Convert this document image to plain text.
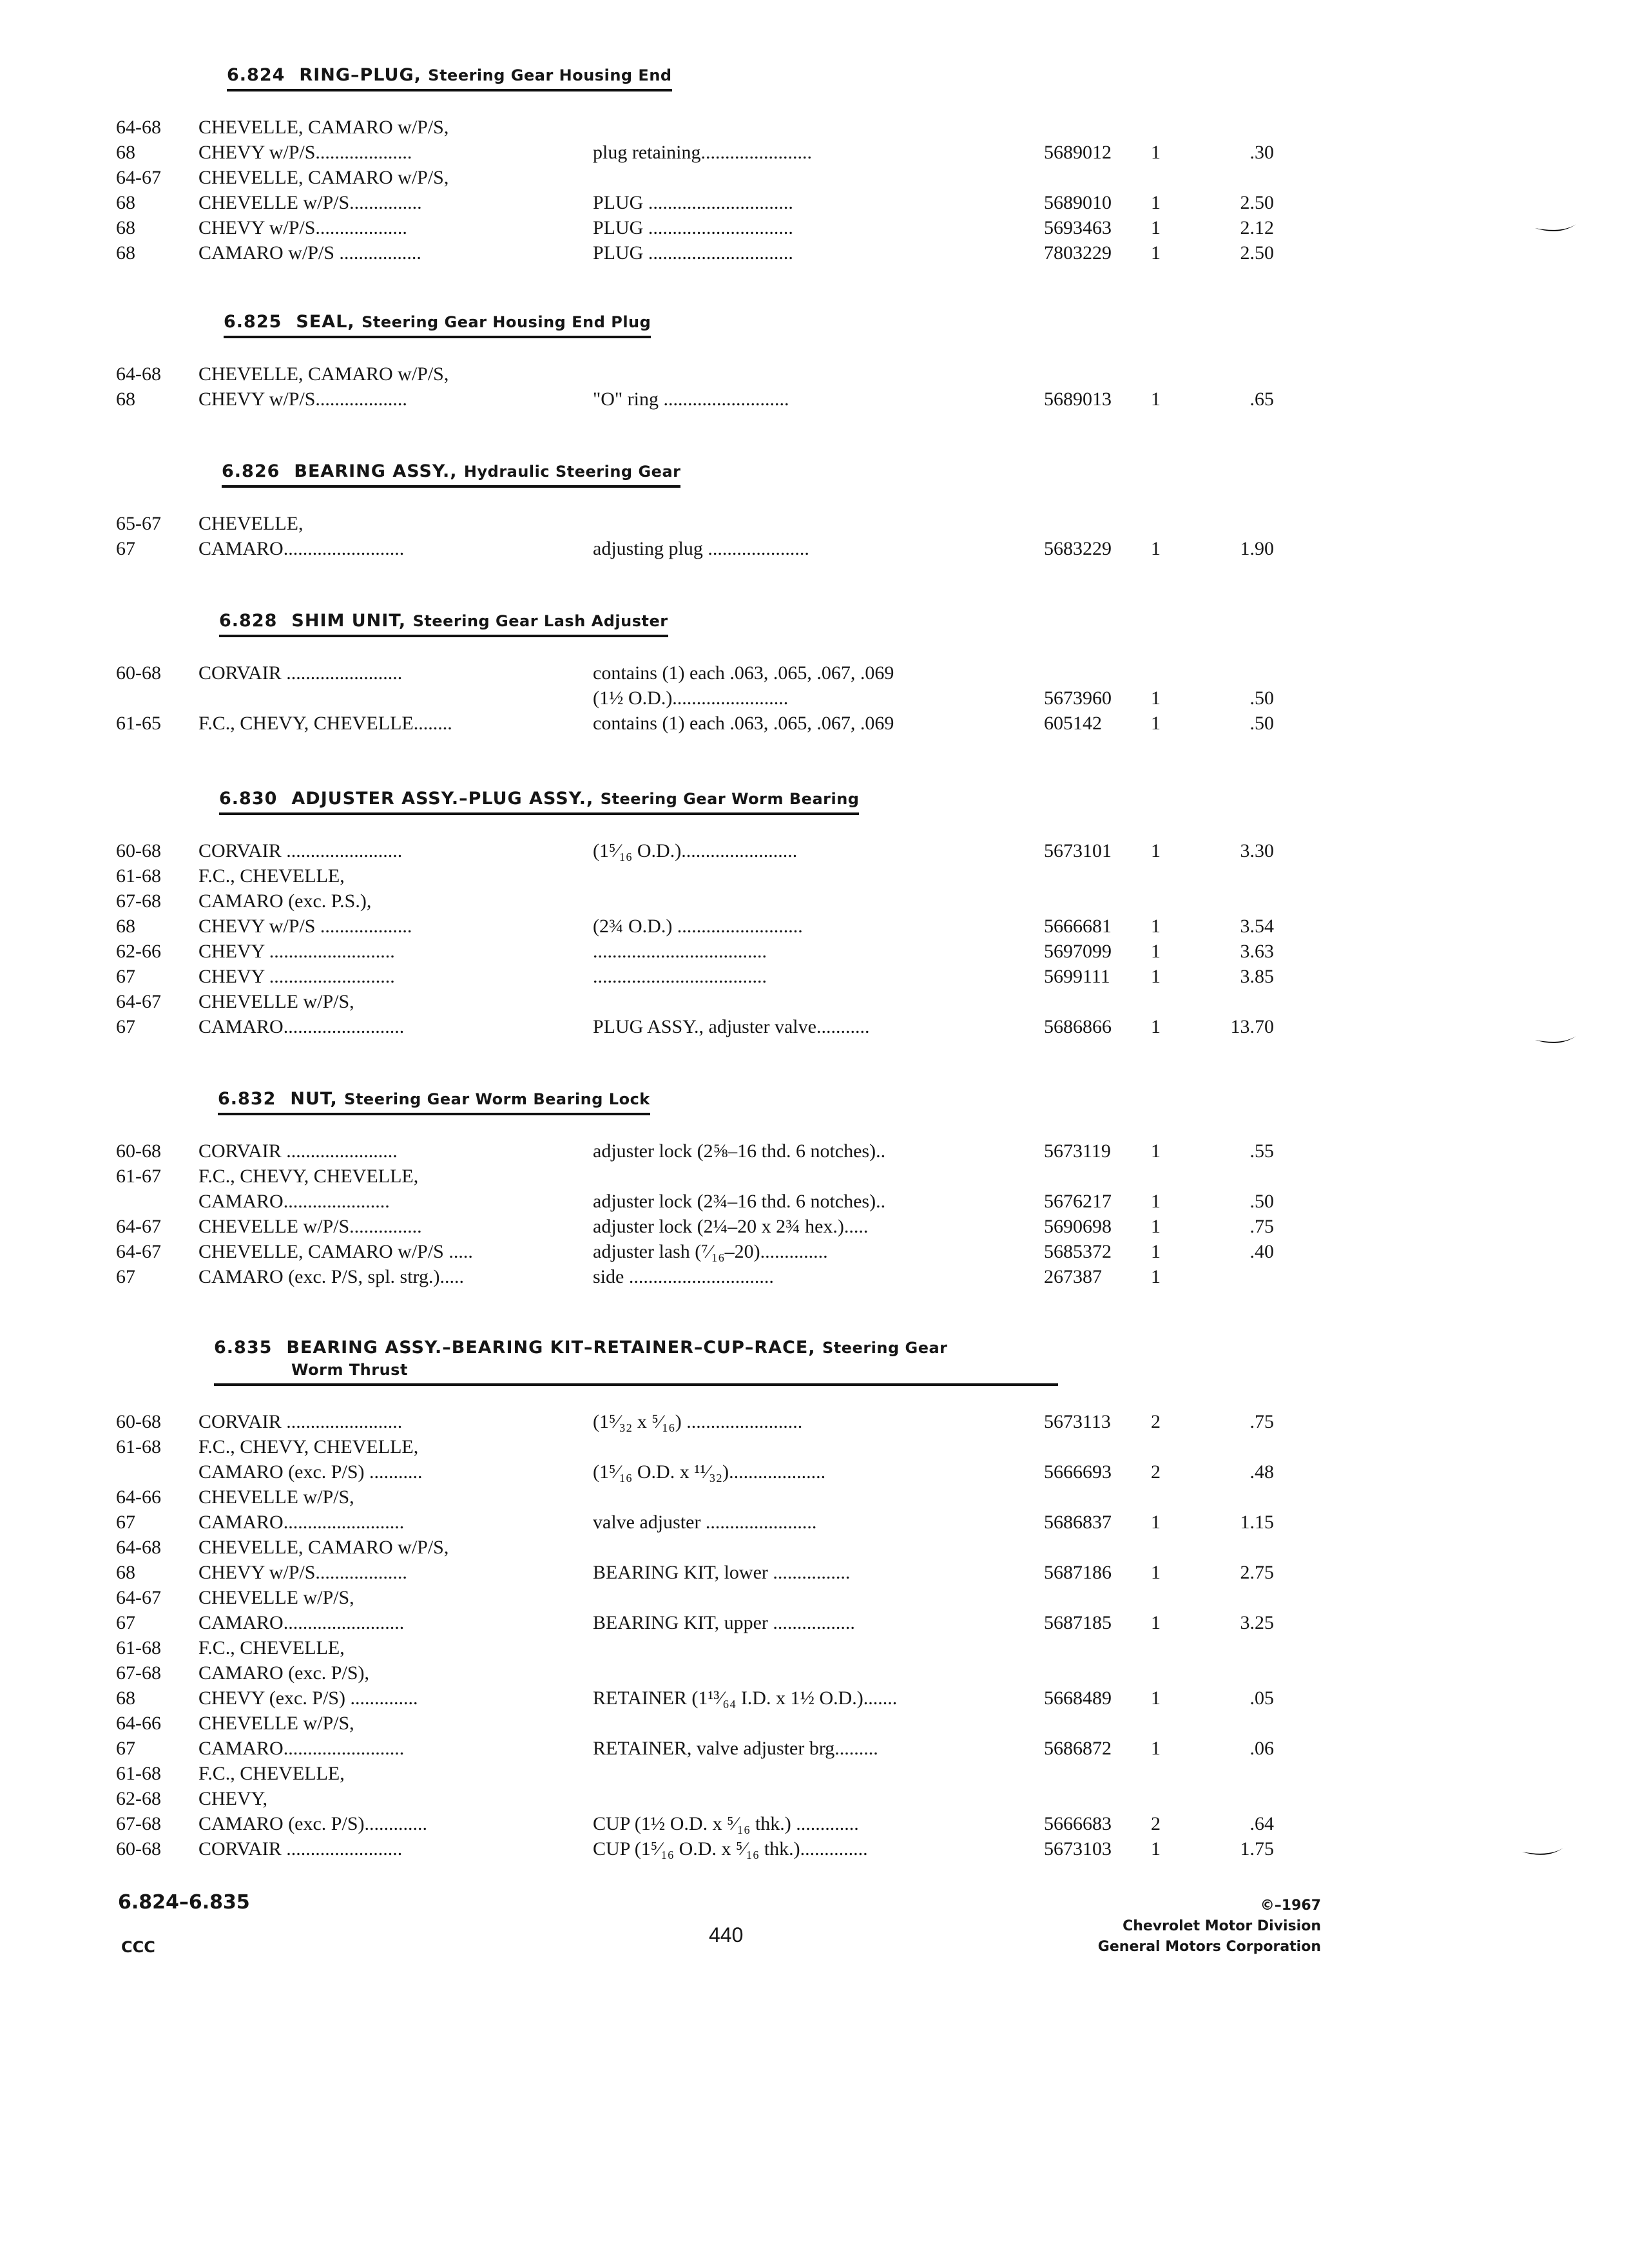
6.824 RING–PLUG, Steering Gear Housing End
64-68	CHEVELLE, CAMARO w/P/S,
68	CHEVY w/P/S....................	plug retaining.......................	5689012	1	.30
64-67	CHEVELLE, CAMARO w/P/S,
68	CHEVELLE w/P/S...............	PLUG ..............................	5689010	1	2.50
68	CHEVY w/P/S...................	PLUG ..............................	5693463	1	2.12
68	CAMARO w/P/S .................	PLUG ..............................	7803229	1	2.50
6.825 SEAL, Steering Gear Housing End Plug
64-68	CHEVELLE, CAMARO w/P/S,
68	CHEVY w/P/S...................	"O" ring ..........................	5689013	1	.65
6.826 BEARING ASSY., Hydraulic Steering Gear
65-67	CHEVELLE,
67	CAMARO.........................	adjusting plug .....................	5683229	1	1.90
6.828 SHIM UNIT, Steering Gear Lash Adjuster
60-68	CORVAIR ........................	contains (1) each .063, .065, .067, .069
(1½ O.D.)........................	5673960	1	.50
61-65	F.C., CHEVY, CHEVELLE........	contains (1) each .063, .065, .067, .069	605142	1	.50
6.830 ADJUSTER ASSY.–PLUG ASSY., Steering Gear Worm Bearing
60-68	CORVAIR ........................	(1⁵⁄₁₆ O.D.)........................	5673101	1	3.30
61-68	F.C., CHEVELLE,
67-68	CAMARO (exc. P.S.),
68	CHEVY w/P/S ...................	(2¾ O.D.) ..........................	5666681	1	3.54
62-66	CHEVY ..........................	....................................	5697099	1	3.63
67	CHEVY ..........................	....................................	5699111	1	3.85
64-67	CHEVELLE w/P/S,
67	CAMARO.........................	PLUG ASSY., adjuster valve...........	5686866	1	13.70
6.832 NUT, Steering Gear Worm Bearing Lock
60-68	CORVAIR .......................	adjuster lock (2⅝–16 thd. 6 notches)..	5673119	1	.55
61-67	F.C., CHEVY, CHEVELLE,
CAMARO......................	adjuster lock (2¾–16 thd. 6 notches)..	5676217	1	.50
64-67	CHEVELLE w/P/S...............	adjuster lock (2¼–20 x 2¾ hex.).....	5690698	1	.75
64-67	CHEVELLE, CAMARO w/P/S .....	adjuster lash (⁷⁄₁₆–20)..............	5685372	1	.40
67	CAMARO (exc. P/S, spl. strg.).....	side ..............................	267387	1
6.835 BEARING ASSY.–BEARING KIT–RETAINER–CUP–RACE, Steering Gear
Worm Thrust
60-68	CORVAIR ........................	(1⁵⁄₃₂ x ⁵⁄₁₆) ........................	5673113	2	.75
61-68	F.C., CHEVY, CHEVELLE,
CAMARO (exc. P/S) ...........	(1⁵⁄₁₆ O.D. x ¹¹⁄₃₂)....................	5666693	2	.48
64-66	CHEVELLE w/P/S,
67	CAMARO.........................	valve adjuster .......................	5686837	1	1.15
64-68	CHEVELLE, CAMARO w/P/S,
68	CHEVY w/P/S...................	BEARING KIT, lower ................	5687186	1	2.75
64-67	CHEVELLE w/P/S,
67	CAMARO.........................	BEARING KIT, upper .................	5687185	1	3.25
61-68	F.C., CHEVELLE,
67-68	CAMARO (exc. P/S),
68	CHEVY (exc. P/S) ..............	RETAINER (1¹³⁄₆₄ I.D. x 1½ O.D.).......	5668489	1	.05
64-66	CHEVELLE w/P/S,
67	CAMARO.........................	RETAINER, valve adjuster brg.........	5686872	1	.06
61-68	F.C., CHEVELLE,
62-68	CHEVY,
67-68	CAMARO (exc. P/S).............	CUP (1½ O.D. x ⁵⁄₁₆ thk.) .............	5666683	2	.64
60-68	CORVAIR ........................	CUP (1⁵⁄₁₆ O.D. x ⁵⁄₁₆ thk.)..............	5673103	1	1.75
6.824–6.835
CCC
440
©–1967
Chevrolet Motor Division
General Motors Corporation
